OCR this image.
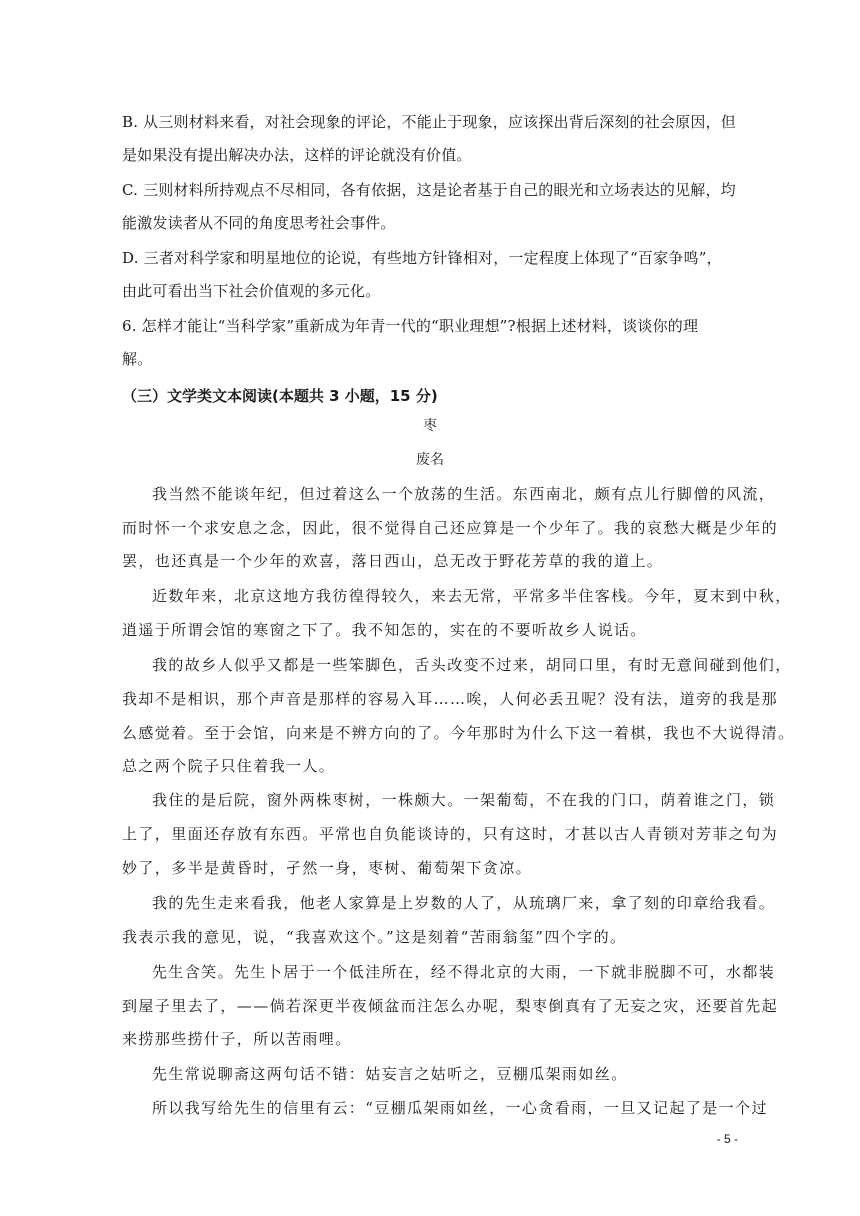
B. 从三则材料来看，对社会现象的评论，不能止于现象，应该探出背后深刻的社会原因，但
是如果没有提出解决办法，这样的评论就没有价值。
C. 三则材料所持观点不尽相同，各有依据，这是论者基于自己的眼光和立场表达的见解，均
能激发读者从不同的角度思考社会事件。
D. 三者对科学家和明星地位的论说，有些地方针锋相对，一定程度上体现了“百家争鸣”，
由此可看出当下社会价值观的多元化。
6. 怎样才能让“当科学家”重新成为年青一代的“职业理想”?根据上述材料，谈谈你的理
解。
（三）文学类文本阅读(本题共 3 小题，15 分)
枣
废名
我当然不能谈年纪，但过着这么一个放荡的生活。东西南北，颇有点儿行脚僧的风流，
而时怀一个求安息之念，因此，很不觉得自己还应算是一个少年了。我的哀愁大概是少年的
罢，也还真是一个少年的欢喜，落日西山，总无改于野花芳草的我的道上。
近数年来，北京这地方我彷徨得较久，来去无常，平常多半住客栈。今年，夏末到中秋，
逍遥于所谓会馆的寒窗之下了。我不知怎的，实在的不要听故乡人说话。
我的故乡人似乎又都是一些笨脚色，舌头改变不过来，胡同口里，有时无意间碰到他们，
我却不是相识，那个声音是那样的容易入耳……唉，人何必丢丑呢？没有法，道旁的我是那
么感觉着。至于会馆，向来是不辨方向的了。今年那时为什么下这一着棋，我也不大说得清。
总之两个院子只住着我一人。
我住的是后院，窗外两株枣树，一株颇大。一架葡萄，不在我的门口，荫着谁之门，锁
上了，里面还存放有东西。平常也自负能谈诗的，只有这时，才甚以古人青锁对芳菲之句为
妙了，多半是黄昏时，孑然一身，枣树、葡萄架下贪凉。
我的先生走来看我，他老人家算是上岁数的人了，从琉璃厂来，拿了刻的印章给我看。
我表示我的意见，说，“我喜欢这个。”这是刻着“苦雨翁玺”四个字的。
先生含笑。先生卜居于一个低洼所在，经不得北京的大雨，一下就非脱脚不可，水都装
到屋子里去了，——倘若深更半夜倾盆而注怎么办呢，梨枣倒真有了无妄之灾，还要首先起
来捞那些捞什子，所以苦雨哩。
先生常说聊斋这两句话不错：姑妄言之姑听之，豆棚瓜架雨如丝。
所以我写给先生的信里有云：“豆棚瓜架雨如丝，一心贪看雨，一旦又记起了是一个过
- 5 -
